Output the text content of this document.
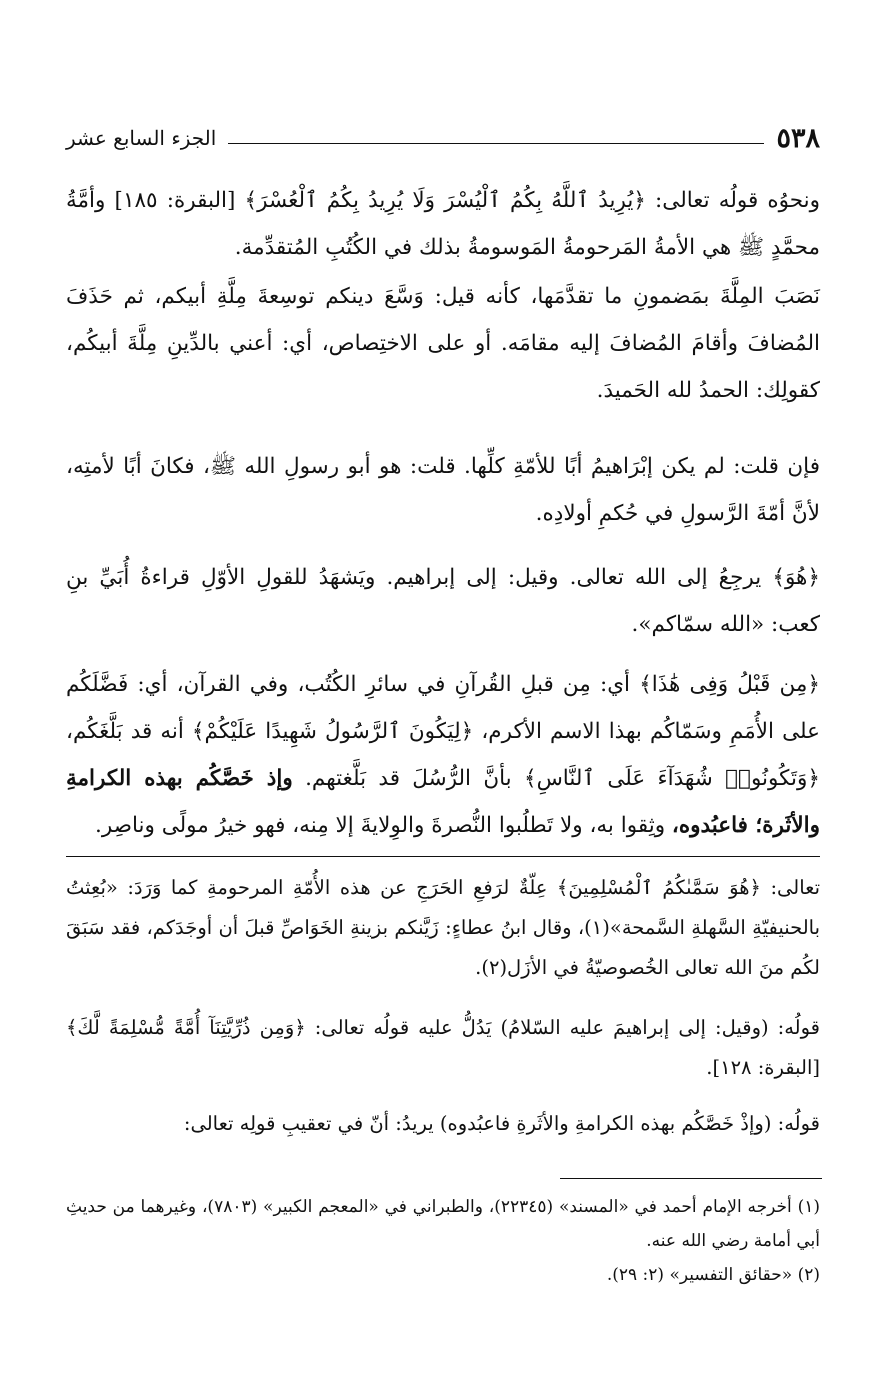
٥٣٨
الجزء السابع عشر

ونحوُه قولُه تعالى: ﴿يُرِيدُ ٱللَّهُ بِكُمُ ٱلْيُسْرَ وَلَا يُرِيدُ بِكُمُ ٱلْعُسْرَ﴾ [البقرة: ١٨٥] وأمَّةُ محمَّدٍ ﷺ هي الأمةُ المَرحومةُ المَوسومةُ بذلك في الكُتُبِ المُتقدِّمة.

نَصَبَ المِلَّةَ بمَضمونِ ما تقدَّمَها، كأنه قيل: وَسَّعَ دينكم توسِعةَ مِلَّةِ أبيكم، ثم حَذَفَ المُضافَ وأقامَ المُضافَ إليه مقامَه. أو على الاختِصاص، أي: أعني بالدِّينِ مِلَّةَ أبيكُم، كقولِك: الحمدُ لله الحَميدَ.

فإن قلت: لم يكن إبْرَاهيمُ أبًا للأمّةِ كلِّها. قلت: هو أبو رسولِ الله ﷺ، فكانَ أبًا لأمتِه، لأنَّ أمّةَ الرَّسولِ في حُكمِ أولادِه.

﴿هُوَ﴾ يرجِعُ إلى الله تعالى. وقيل: إلى إبراهيم. ويَشهَدُ للقولِ الأوّلِ قراءةُ أُبَيِّ بنِ كعب: «الله سمّاكم».

﴿مِن قَبْلُ وَفِى هَٰذَا﴾ أي: مِن قبلِ القُرآنِ في سائرِ الكُتُب، وفي القرآن، أي: فَضَّلَكُم على الأُمَمِ وسَمّاكُم بهذا الاسم الأكرم، ﴿لِيَكُونَ ٱلرَّسُولُ شَهِيدًا عَلَيْكُمْ﴾ أنه قد بَلَّغَكُم، ﴿وَتَكُونُوا۟ شُهَدَآءَ عَلَى ٱلنَّاسِ﴾ بأنَّ الرُّسُلَ قد بَلَّغتهم. وإذ خَصَّكُم بهذه الكرامةِ والأثَرة؛ فاعبُدوه، وثِقوا به، ولا تَطلُبوا النُّصرةَ والوِلايةَ إلا مِنه، فهو خيرُ مولًى وناصِر.

تعالى: ﴿هُوَ سَمَّىٰكُمُ ٱلْمُسْلِمِينَ﴾ عِلّةٌ لرَفعِ الحَرَجِ عن هذه الأُمّةِ المرحومةِ كما وَرَدَ: «بُعِثتُ بالحنيفيّةِ السَّهلةِ السَّمحة»(١)، وقال ابنُ عطاءٍ: زَيَّنكم بزينةِ الخَوَاصِّ قبلَ أن أوجَدَكم، فقد سَبَقَ لكُم منَ الله تعالى الخُصوصيّةُ في الأزَل(٢).

قولُه: (وقيل: إلى إبراهيمَ عليه السّلامُ) يَدُلُّ عليه قولُه تعالى: ﴿وَمِن ذُرِّيَّتِنَآ أُمَّةً مُّسْلِمَةً لَّكَ﴾ [البقرة: ١٢٨].

قولُه: (وإذْ خَصَّكُم بهذه الكرامةِ والأثَرةِ فاعبُدوه) يريدُ: أنّ في تعقيبِ قولِه تعالى:

(١) أخرجه الإمام أحمد في «المسند» (٢٢٣٤٥)، والطبراني في «المعجم الكبير» (٧٨٠٣)، وغيرهما من حديثِ أبي أمامة رضي الله عنه.

(٢) «حقائق التفسير» (٢: ٢٩).
